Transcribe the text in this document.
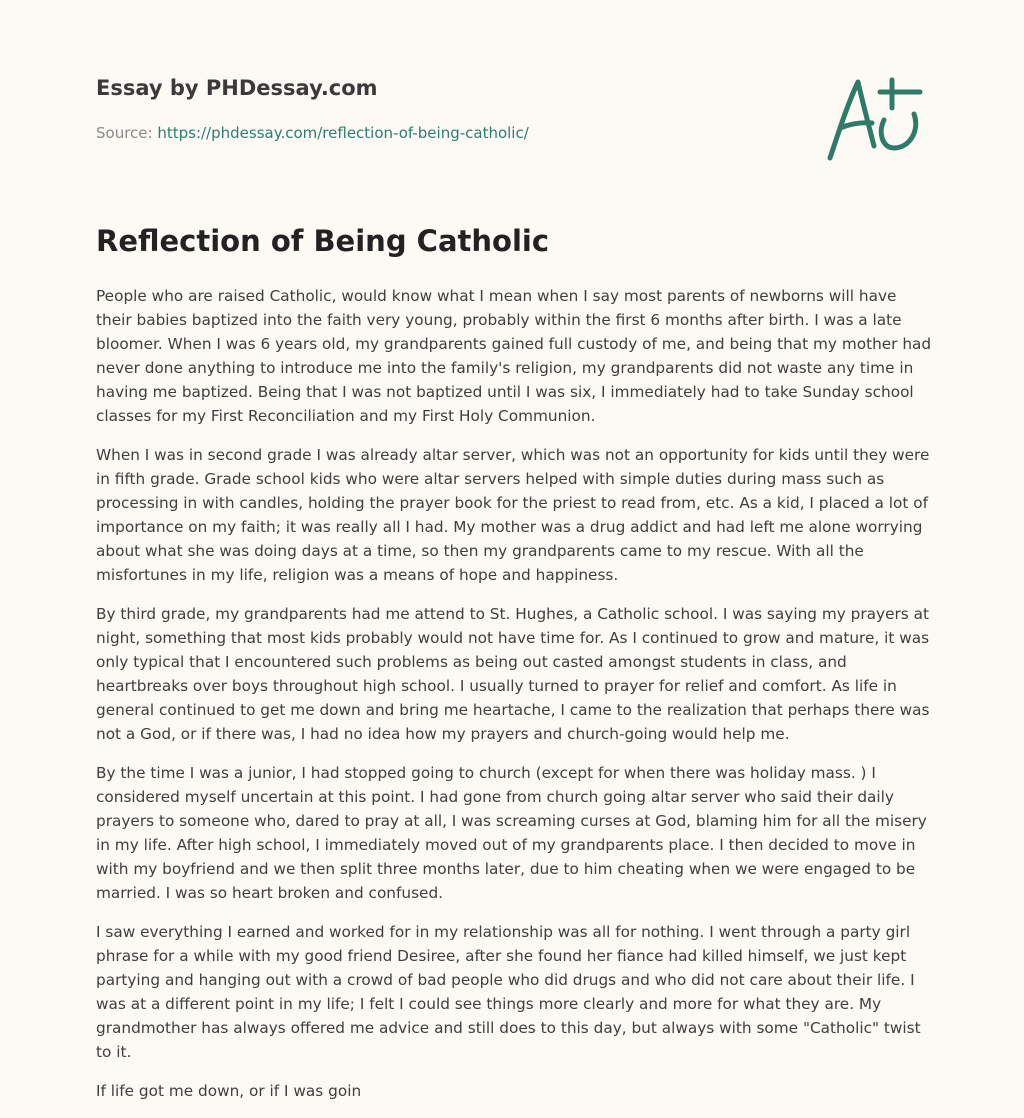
Essay by PHDessay.com
Source: https://phdessay.com/reflection-of-being-catholic/
Reflection of Being Catholic

People who are raised Catholic, would know what I mean when I say most parents of newborns will have their babies baptized into the faith very young, probably within the first 6 months after birth. I was a late bloomer. When I was 6 years old, my grandparents gained full custody of me, and being that my mother had never done anything to introduce me into the family's religion, my grandparents did not waste any time in having me baptized. Being that I was not baptized until I was six, I immediately had to take Sunday school classes for my First Reconciliation and my First Holy Communion.

When I was in second grade I was already altar server, which was not an opportunity for kids until they were in fifth grade. Grade school kids who were altar servers helped with simple duties during mass such as processing in with candles, holding the prayer book for the priest to read from, etc. As a kid, I placed a lot of importance on my faith; it was really all I had. My mother was a drug addict and had left me alone worrying about what she was doing days at a time, so then my grandparents came to my rescue. With all the misfortunes in my life, religion was a means of hope and happiness.

By third grade, my grandparents had me attend to St. Hughes, a Catholic school. I was saying my prayers at night, something that most kids probably would not have time for. As I continued to grow and mature, it was only typical that I encountered such problems as being out casted amongst students in class, and heartbreaks over boys throughout high school. I usually turned to prayer for relief and comfort. As life in general continued to get me down and bring me heartache, I came to the realization that perhaps there was not a God, or if there was, I had no idea how my prayers and church-going would help me.

By the time I was a junior, I had stopped going to church (except for when there was holiday mass. ) I considered myself uncertain at this point. I had gone from church going altar server who said their daily prayers to someone who, dared to pray at all, I was screaming curses at God, blaming him for all the misery in my life. After high school, I immediately moved out of my grandparents place. I then decided to move in with my boyfriend and we then split three months later, due to him cheating when we were engaged to be married. I was so heart broken and confused.

I saw everything I earned and worked for in my relationship was all for nothing. I went through a party girl phrase for a while with my good friend Desiree, after she found her fiance had killed himself, we just kept partying and hanging out with a crowd of bad people who did drugs and who did not care about their life. I was at a different point in my life; I felt I could see things more clearly and more for what they are. My grandmother has always offered me advice and still does to this day, but always with some "Catholic" twist to it.

If life got me down, or if I was goin
